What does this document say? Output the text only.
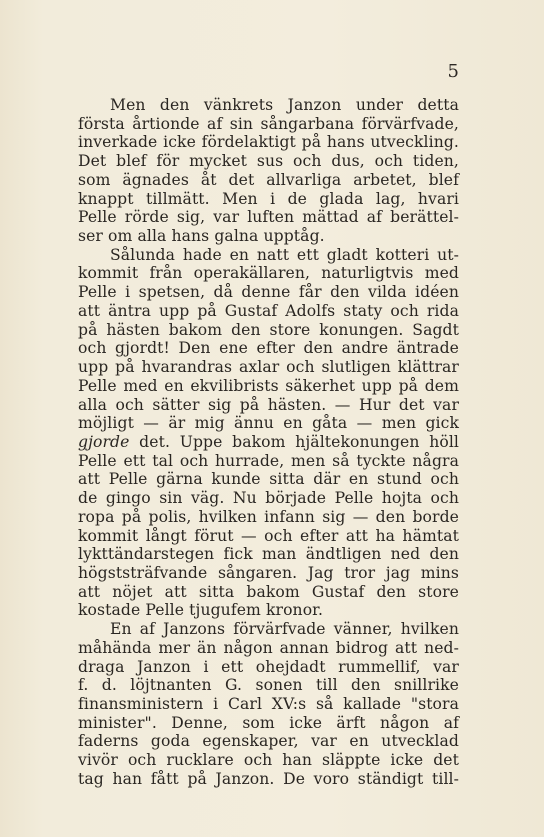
5
Men den vänkrets Janzon under detta
första årtionde af sin sångarbana förvärfvade,
inverkade icke fördelaktigt på hans utveckling.
Det blef för mycket sus och dus, och tiden,
som ägnades åt det allvarliga arbetet, blef
knappt tillmätt. Men i de glada lag, hvari
Pelle rörde sig, var luften mättad af berättel-
ser om alla hans galna upptåg.
Sålunda hade en natt ett gladt kotteri ut-
kommit från operakällaren, naturligtvis med
Pelle i spetsen, då denne får den vilda idéen
att äntra upp på Gustaf Adolfs staty och rida
på hästen bakom den store konungen. Sagdt
och gjordt! Den ene efter den andre äntrade
upp på hvarandras axlar och slutligen klättrar
Pelle med en ekvilibrists säkerhet upp på dem
alla och sätter sig på hästen. — Hur det var
möjligt — är mig ännu en gåta — men gick
gjorde det. Uppe bakom hjältekonungen höll
Pelle ett tal och hurrade, men så tyckte några
att Pelle gärna kunde sitta där en stund och
de gingo sin väg. Nu började Pelle hojta och
ropa på polis, hvilken infann sig — den borde
kommit långt förut — och efter att ha hämtat
lykttändarstegen fick man ändtligen ned den
högststräfvande sångaren. Jag tror jag mins
att nöjet att sitta bakom Gustaf den store
kostade Pelle tjugufem kronor.
En af Janzons förvärfvade vänner, hvilken
måhända mer än någon annan bidrog att ned-
draga Janzon i ett ohejdadt rummellif, var
f. d. löjtnanten G. sonen till den snillrike
finansministern i Carl XV:s så kallade "stora
minister". Denne, som icke ärft någon af
faderns goda egenskaper, var en utvecklad
vivör och rucklare och han släppte icke det
tag han fått på Janzon. De voro ständigt till-
